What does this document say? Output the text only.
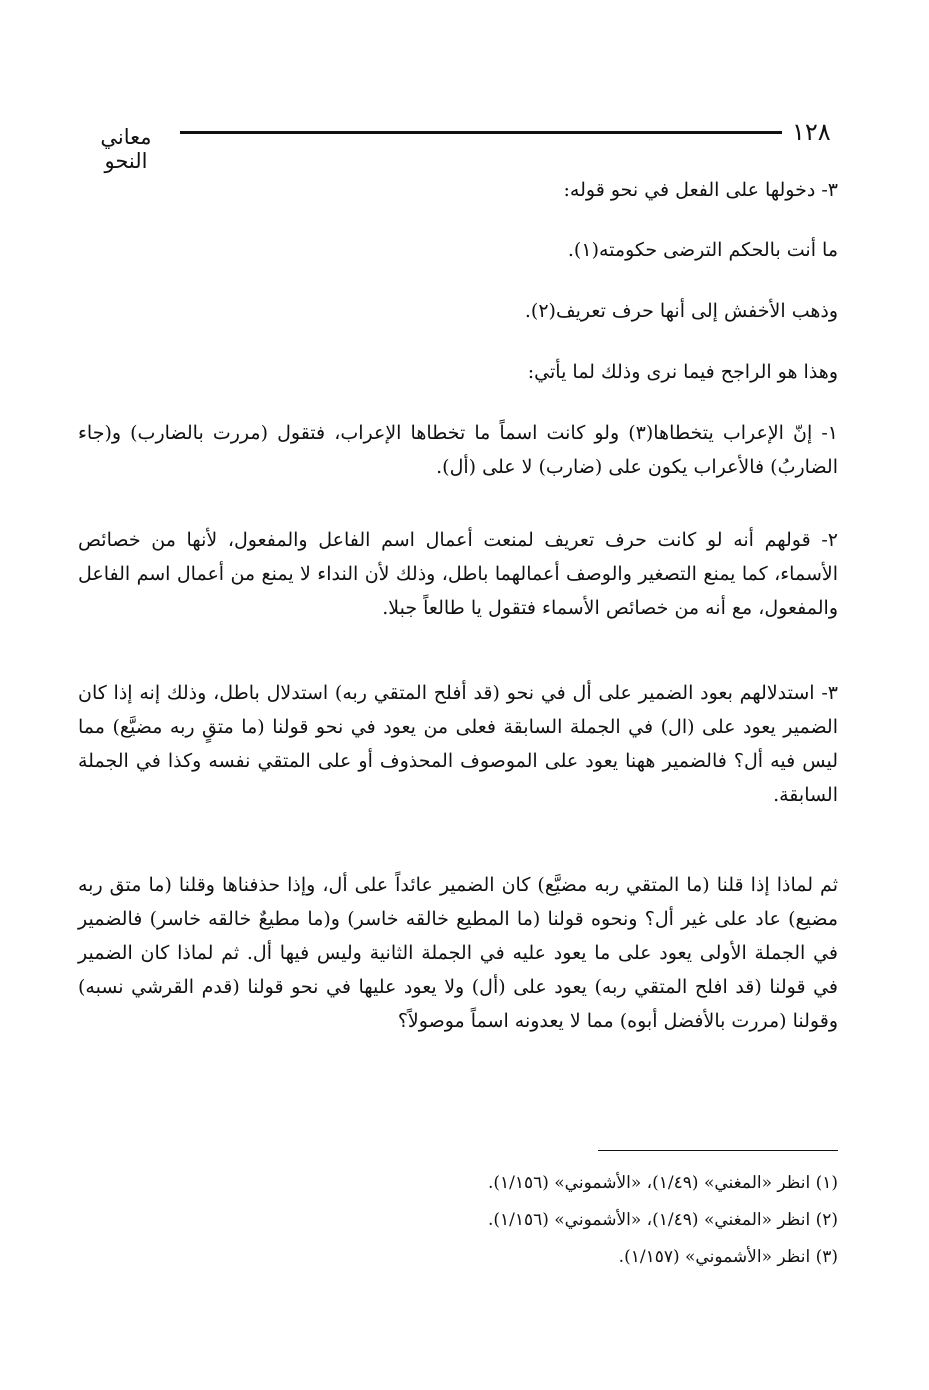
١٢٨
معاني النحو
٣- دخولها على الفعل في نحو قوله:
ما أنت بالحكم الترضى حكومته(١).
وذهب الأخفش إلى أنها حرف تعريف(٢).
وهذا هو الراجح فيما نرى وذلك لما يأتي:
١- إنّ الإعراب يتخطاها(٣) ولو كانت اسماً ما تخطاها الإعراب، فتقول (مررت بالضارب) و(جاء الضاربُ) فالأعراب يكون على (ضارب) لا على (أل).
٢- قولهم أنه لو كانت حرف تعريف لمنعت أعمال اسم الفاعل والمفعول، لأنها من خصائص الأسماء، كما يمنع التصغير والوصف أعمالهما باطل، وذلك لأن النداء لا يمنع من أعمال اسم الفاعل والمفعول، مع أنه من خصائص الأسماء فتقول يا طالعاً جبلا.
٣- استدلالهم بعود الضمير على أل في نحو (قد أفلح المتقي ربه) استدلال باطل، وذلك إنه إذا كان الضمير يعود على (ال) في الجملة السابقة فعلى من يعود في نحو قولنا (ما متقٍ ربه مضيَّع) مما ليس فيه أل؟ فالضمير ههنا يعود على الموصوف المحذوف أو على المتقي نفسه وكذا في الجملة السابقة.
ثم لماذا إذا قلنا (ما المتقي ربه مضيَّع) كان الضمير عائداً على أل، وإذا حذفناها وقلنا (ما متق ربه مضيع) عاد على غير أل؟ ونحوه قولنا (ما المطيع خالقه خاسر) و(ما مطيعٌ خالقه خاسر) فالضمير في الجملة الأولى يعود على ما يعود عليه في الجملة الثانية وليس فيها أل. ثم لماذا كان الضمير في قولنا (قد افلح المتقي ربه) يعود على (أل) ولا يعود عليها في نحو قولنا (قدم القرشي نسبه) وقولنا (مررت بالأفضل أبوه) مما لا يعدونه اسماً موصولاً؟
(١) انظر «المغني» (١/٤٩)، «الأشموني» (١/١٥٦).
(٢) انظر «المغني» (١/٤٩)، «الأشموني» (١/١٥٦).
(٣) انظر «الأشموني» (١/١٥٧).
